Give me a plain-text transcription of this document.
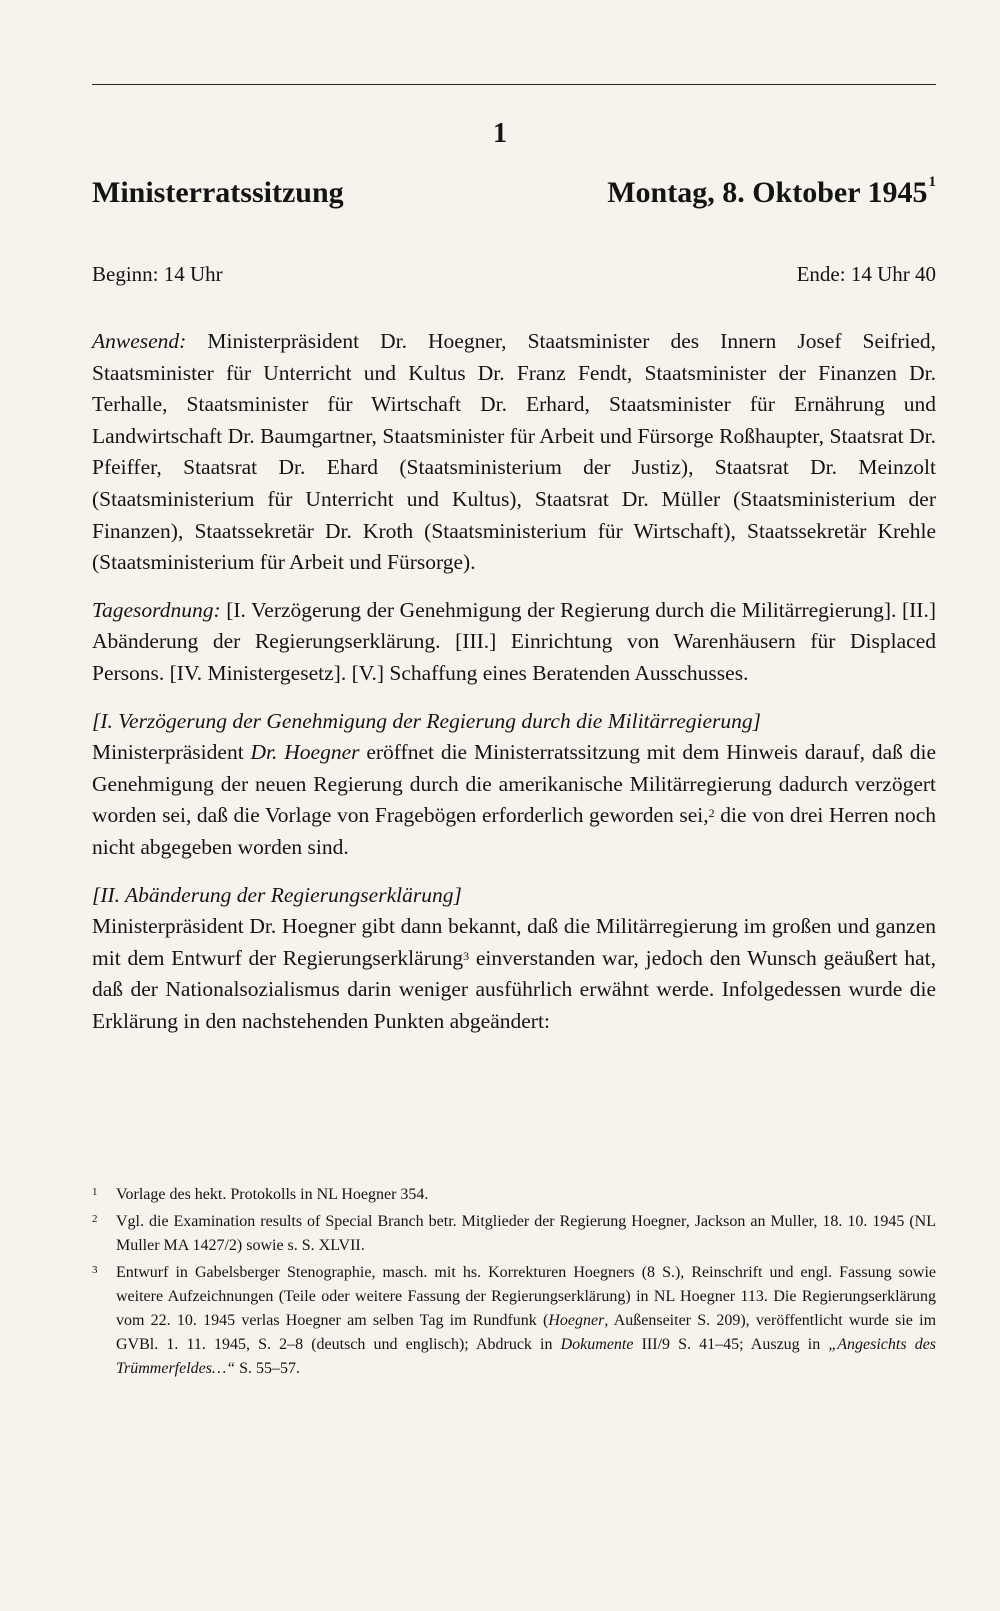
1
Ministerratssitzung	Montag, 8. Oktober 1945$^1$
Beginn: 14 Uhr	Ende: 14 Uhr 40

Anwesend: Ministerpräsident Dr. Hoegner, Staatsminister des Innern Josef Seifried, Staatsminister für Unterricht und Kultus Dr. Franz Fendt, Staatsminister der Finanzen Dr. Terhalle, Staatsminister für Wirtschaft Dr. Erhard, Staatsminister für Ernährung und Landwirtschaft Dr. Baumgartner, Staatsminister für Arbeit und Fürsorge Roßhaupter, Staatsrat Dr. Pfeiffer, Staatsrat Dr. Ehard (Staatsministerium der Justiz), Staatsrat Dr. Meinzolt (Staatsministerium für Unterricht und Kultus), Staatsrat Dr. Müller (Staatsministerium der Finanzen), Staatssekretär Dr. Kroth (Staatsministerium für Wirtschaft), Staatssekretär Krehle (Staatsministerium für Arbeit und Fürsorge).

Tagesordnung: [I. Verzögerung der Genehmigung der Regierung durch die Militärregierung]. [II.] Abänderung der Regierungserklärung. [III.] Einrichtung von Warenhäusern für Displaced Persons. [IV. Ministergesetz]. [V.] Schaffung eines Beratenden Ausschusses.

[I. Verzögerung der Genehmigung der Regierung durch die Militärregierung]

Ministerpräsident Dr. Hoegner eröffnet die Ministerratssitzung mit dem Hinweis darauf, daß die Genehmigung der neuen Regierung durch die amerikanische Militärregierung dadurch verzögert worden sei, daß die Vorlage von Fragebögen erforderlich geworden sei,$^2$ die von drei Herren noch nicht abgegeben worden sind.

[II. Abänderung der Regierungserklärung]

Ministerpräsident Dr. Hoegner gibt dann bekannt, daß die Militärregierung im großen und ganzen mit dem Entwurf der Regierungserklärung$^3$ einverstanden war, jedoch den Wunsch geäußert hat, daß der Nationalsozialismus darin weniger ausführlich erwähnt werde. Infolgedessen wurde die Erklärung in den nachstehenden Punkten abgeändert:

1 Vorlage des hekt. Protokolls in NL Hoegner 354.
2 Vgl. die Examination results of Special Branch betr. Mitglieder der Regierung Hoegner, Jackson an Muller, 18. 10. 1945 (NL Muller MA 1427/2) sowie s. S. XLVII.
3 Entwurf in Gabelsberger Stenographie, masch. mit hs. Korrekturen Hoegners (8 S.), Reinschrift und engl. Fassung sowie weitere Aufzeichnungen (Teile oder weitere Fassung der Regierungserklärung) in NL Hoegner 113. Die Regierungserklärung vom 22. 10. 1945 verlas Hoegner am selben Tag im Rundfunk (Hoegner, Außenseiter S. 209), veröffentlicht wurde sie im GVBl. 1. 11. 1945, S. 2–8 (deutsch und englisch); Abdruck in Dokumente III/9 S. 41–45; Auszug in „Angesichts des Trümmerfeldes…“ S. 55–57.
